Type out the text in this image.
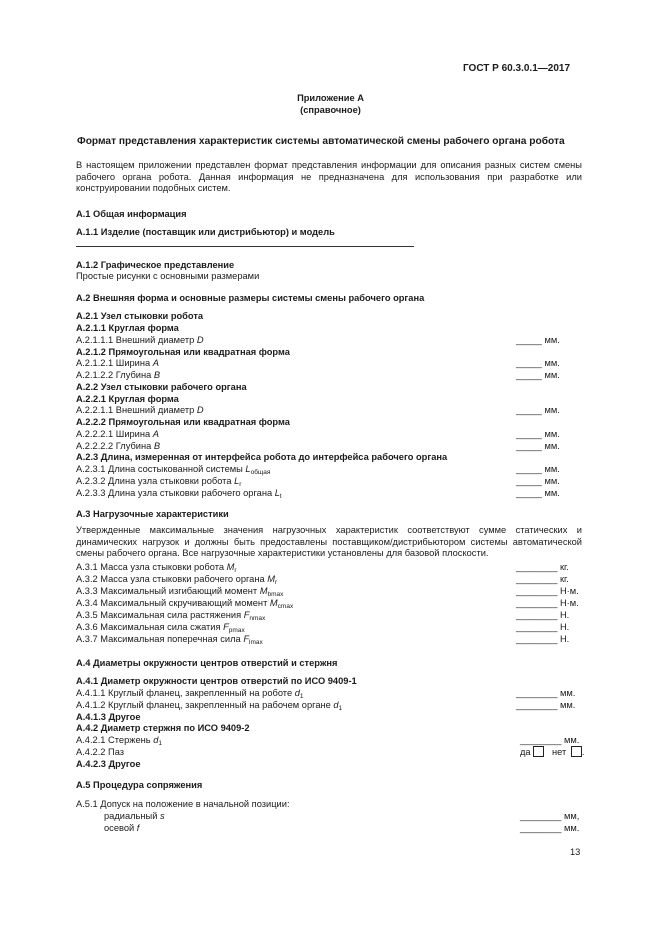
ГОСТ Р 60.3.0.1—2017
Приложение А
(справочное)
Формат представления характеристик системы автоматической смены рабочего органа робота
В настоящем приложении представлен формат представления информации для описания разных систем смены рабочего органа робота. Данная информация не предназначена для использования при разработке или конструировании подобных систем.
А.1 Общая информация
А.1.1 Изделие (поставщик или дистрибьютор) и модель
А.1.2 Графическое представление
Простые рисунки с основными размерами
А.2 Внешняя форма и основные размеры системы смены рабочего органа
А.2.1 Узел стыковки робота
А.2.1.1 Круглая форма
А.2.1.1.1 Внешний диаметр D	_____ мм.
А.2.1.2 Прямоугольная или квадратная форма
А.2.1.2.1 Ширина A	_____ мм.
А.2.1.2.2 Глубина B	_____ мм.
А.2.2 Узел стыковки рабочего органа
А.2.2.1 Круглая форма
А.2.2.1.1 Внешний диаметр D	_____ мм.
А.2.2.2 Прямоугольная или квадратная форма
А.2.2.2.1 Ширина A	_____ мм.
А.2.2.2.2 Глубина B	_____ мм.
А.2.3 Длина, измеренная от интерфейса робота до интерфейса рабочего органа
А.2.3.1 Длина состыкованной системы $L_{общая}$	_____ мм.
А.2.3.2 Длина узла стыковки робота $L_r$	_____ мм.
А.2.3.3 Длина узла стыковки рабочего органа $L_t$	_____ мм.
А.3 Нагрузочные характеристики
Утвержденные максимальные значения нагрузочных характеристик соответствуют сумме статических и динамических нагрузок и должны быть предоставлены поставщиком/дистрибьютором системы автоматической смены рабочего органа. Все нагрузочные характеристики установлены для базовой плоскости.
А.3.1 Масса узла стыковки робота $M_r$	________ кг.
А.3.2 Масса узла стыковки рабочего органа $M_r$	________ кг.
А.3.3 Максимальный изгибающий момент $M_{bmax}$	________ Н·м.
А.3.4 Максимальный скручивающий момент $M_{cmax}$	________ Н·м.
А.3.5 Максимальная сила растяжения $F_{nmax}$	________ Н.
А.3.6 Максимальная сила сжатия $F_{pmax}$	________ Н.
А.3.7 Максимальная поперечная сила $F_{lmax}$	________ Н.
А.4 Диаметры окружности центров отверстий и стержня
А.4.1 Диаметр окружности центров отверстий по ИСО 9409-1
А.4.1.1 Круглый фланец, закрепленный на роботе $d_1$	________ мм.
А.4.1.2 Круглый фланец, закрепленный на рабочем органе $d_1$	________ мм.
А.4.1.3 Другое
А.4.2 Диаметр стержня по ИСО 9409-2
А.4.2.1 Стержень $d_1$	________ мм.
А.4.2.2 Паз	да	нет .
А.4.2.3 Другое
А.5 Процедура сопряжения
А.5.1 Допуск на положение в начальной позиции:
радиальный s	________ мм,
осевой f	________ мм.
13
